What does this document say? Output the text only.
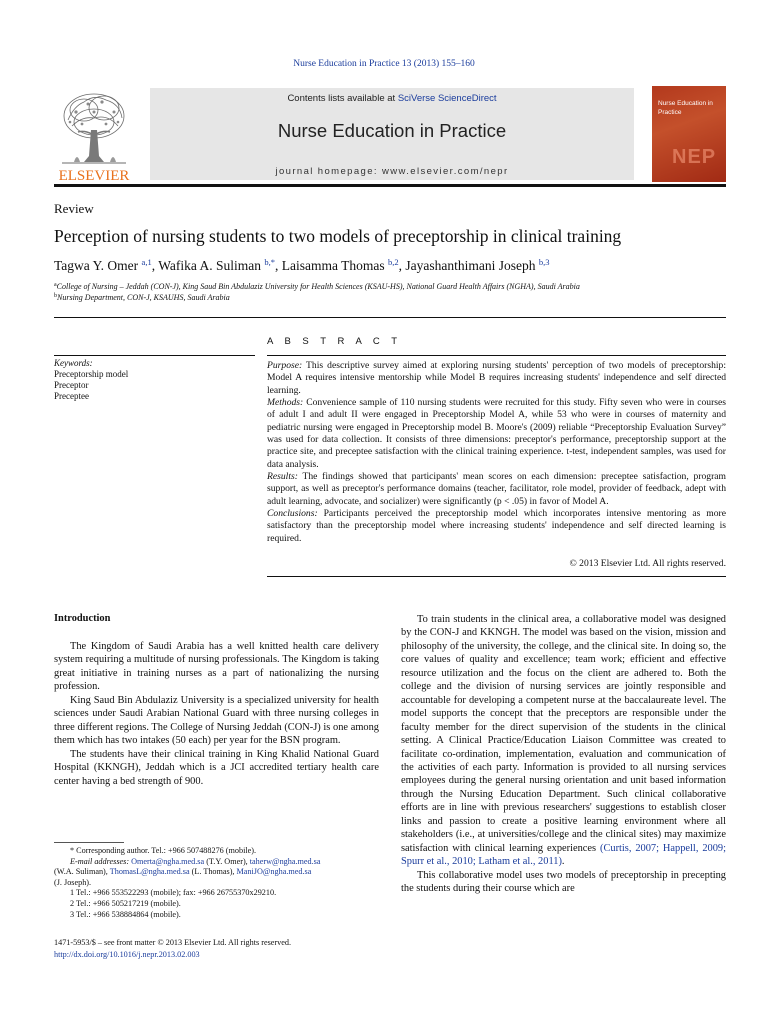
Nurse Education in Practice 13 (2013) 155–160
ELSEVIER
Contents lists available at SciVerse ScienceDirect
Nurse Education in Practice
journal homepage: www.elsevier.com/nepr
Nurse Education in Practice
NEP
Review
Perception of nursing students to two models of preceptorship in clinical training
Tagwa Y. Omer $^{a,1}$, Wafika A. Suliman $^{b,*}$, Laisamma Thomas $^{b,2}$, Jayashanthimani Joseph $^{b,3}$
$^a$College of Nursing – Jeddah (CON-J), King Saud Bin Abdulaziz University for Health Sciences (KSAU-HS), National Guard Health Affairs (NGHA), Saudi Arabia
$^b$Nursing Department, CON-J, KSAUHS, Saudi Arabia
Keywords:
Preceptorship model
Preceptor
Preceptee
A B S T R A C T

Purpose: This descriptive survey aimed at exploring nursing students' perception of two models of preceptorship: Model A requires intensive mentorship while Model B requires increasing students' independence and self directed learning.

Methods: Convenience sample of 110 nursing students were recruited for this study. Fifty seven who were in courses of adult I and adult II were engaged in Preceptorship Model A, while 53 who were in courses of maternity and pediatric nursing were engaged in Preceptorship model B. Moore's (2009) reliable “Preceptorship Evaluation Survey” was used for data collection. It consists of three dimensions: preceptor's performance, preceptorship support at the practice site, and preceptee satisfaction with the clinical training experience. t-test, independent samples, was used for data analysis.

Results: The findings showed that participants' mean scores on each dimension: preceptee satisfaction, program support, as well as preceptor's performance domains (teacher, facilitator, role model, provider of feedback, adept with adult learning, advocate, and socializer) were significantly (p < .05) in favor of Model A.

Conclusions: Participants perceived the preceptorship model which incorporates intensive mentoring as more satisfactory than the preceptorship model where increasing students' independence and self directed learning is required.

© 2013 Elsevier Ltd. All rights reserved.
Introduction

The Kingdom of Saudi Arabia has a well knitted health care delivery system requiring a multitude of nursing professionals. The Kingdom is taking great initiative in training nurses as a part of nationalizing the nursing profession.

King Saud Bin Abdulaziz University is a specialized university for health sciences under Saudi Arabian National Guard with three nursing colleges in three different regions. The College of Nursing Jeddah (CON-J) is one among them which has two intakes (50 each) per year for the BSN program.

The students have their clinical training in King Khalid National Guard Hospital (KKNGH), Jeddah which is a JCI accredited tertiary health care center having a bed strength of 900.

To train students in the clinical area, a collaborative model was designed by the CON-J and KKNGH. The model was based on the vision, mission and philosophy of the university, the college, and the clinical site. In doing so, the core values of quality and excellence; team work; efficient and effective resource utilization and the focus on the client are adhered to. Both the college and the division of nursing services are jointly responsible and accountable for developing a competent nurse at the baccalaureate level. The model supports the concept that the preceptors are responsible under the faculty member for the direct supervision of the students in the clinical setting. A Clinical Practice/Education Liaison Committee was created to facilitate co-ordination, implementation, evaluation and communication of the activities of each party. Information is provided to all nursing services employees during the general nursing orientation and unit based information through the Nursing Education Department. Such clinical collaborative efforts are in line with previous researchers' suggestions to establish closer links and passion to create a positive learning environment where all stakeholders (i.e., at universities/college and the clinical sites) may maximize satisfaction with clinical learning experiences (Curtis, 2007; Happell, 2009; Spurr et al., 2010; Latham et al., 2011).

This collaborative model uses two models of preceptorship in precepting the students during their course which are

* Corresponding author. Tel.: +966 507488276 (mobile).
E-mail addresses: Omerta@ngha.med.sa (T.Y. Omer), taherw@ngha.med.sa
(W.A. Suliman), ThomasL@ngha.med.sa (L. Thomas), ManiJO@ngha.med.sa
(J. Joseph).
1 Tel.: +966 553522293 (mobile); fax: +966 26755370x29210.
2 Tel.: +966 505217219 (mobile).
3 Tel.: +966 538884864 (mobile).
1471-5953/$ – see front matter © 2013 Elsevier Ltd. All rights reserved.
http://dx.doi.org/10.1016/j.nepr.2013.02.003
